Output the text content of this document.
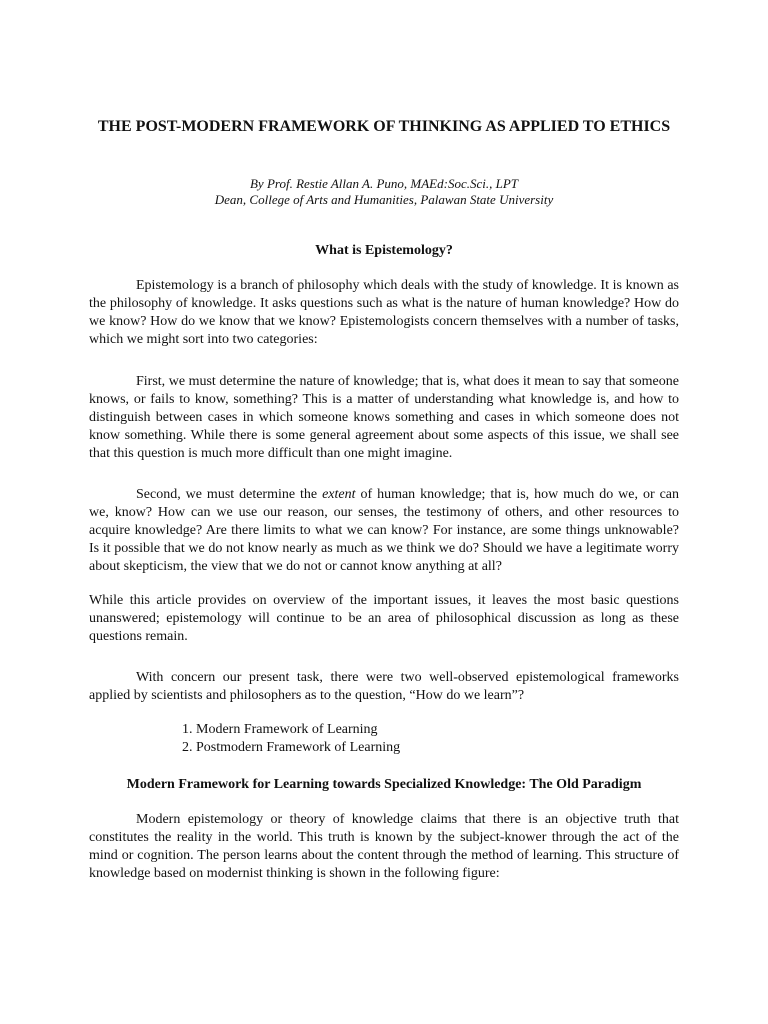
THE POST-MODERN FRAMEWORK OF THINKING AS APPLIED TO ETHICS
By Prof. Restie Allan A. Puno, MAEd:Soc.Sci., LPT
Dean, College of Arts and Humanities, Palawan State University
What is Epistemology?

Epistemology is a branch of philosophy which deals with the study of knowledge. It is known as the philosophy of knowledge. It asks questions such as what is the nature of human knowledge? How do we know? How do we know that we know? Epistemologists concern themselves with a number of tasks, which we might sort into two categories:

First, we must determine the nature of knowledge; that is, what does it mean to say that someone knows, or fails to know, something? This is a matter of understanding what knowledge is, and how to distinguish between cases in which someone knows something and cases in which someone does not know something. While there is some general agreement about some aspects of this issue, we shall see that this question is much more difficult than one might imagine.

Second, we must determine the extent of human knowledge; that is, how much do we, or can we, know? How can we use our reason, our senses, the testimony of others, and other resources to acquire knowledge? Are there limits to what we can know? For instance, are some things unknowable? Is it possible that we do not know nearly as much as we think we do? Should we have a legitimate worry about skepticism, the view that we do not or cannot know anything at all?

While this article provides on overview of the important issues, it leaves the most basic questions unanswered; epistemology will continue to be an area of philosophical discussion as long as these questions remain.

With concern our present task, there were two well-observed epistemological frameworks applied by scientists and philosophers as to the question, “How do we learn”?

1. Modern Framework of Learning
2. Postmodern Framework of Learning
Modern Framework for Learning towards Specialized Knowledge: The Old Paradigm

Modern epistemology or theory of knowledge claims that there is an objective truth that constitutes the reality in the world. This truth is known by the subject-knower through the act of the mind or cognition. The person learns about the content through the method of learning. This structure of knowledge based on modernist thinking is shown in the following figure:
